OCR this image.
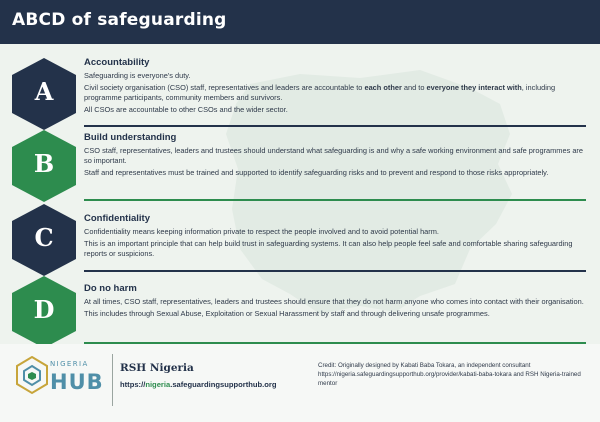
ABCD of safeguarding
A
Accountability

Safeguarding is everyone's duty.

Civil society organisation (CSO) staff, representatives and leaders are accountable to each other and to everyone they interact with, including programme participants, community members and survivors.

All CSOs are accountable to other CSOs and the wider sector.

B
Build understanding

CSO staff, representatives, leaders and trustees should understand what safeguarding is and why a safe working environment and safe programmes are so important.

Staff and representatives must be trained and supported to identify safeguarding risks and to prevent and respond to those risks appropriately.

C
Confidentiality

Confidentiality means keeping information private to respect the people involved and to avoid potential harm.

This is an important principle that can help build trust in safeguarding systems. It can also help people feel safe and comfortable sharing safeguarding reports or suspicions.

D
Do no harm

At all times, CSO staff, representatives, leaders and trustees should ensure that they do not harm anyone who comes into contact with their organisation.

This includes through Sexual Abuse, Exploitation or Sexual Harassment by staff and through delivering unsafe programmes.

NIGERIA
HUB
RSH Nigeria
https://nigeria.safeguardingsupporthub.org
Credit: Originally designed by Kabati Baba Tokara, an independent consultant https://nigeria.safeguardingsupporthub.org/provider/kabati-baba-tokara and RSH Nigeria-trained mentor
